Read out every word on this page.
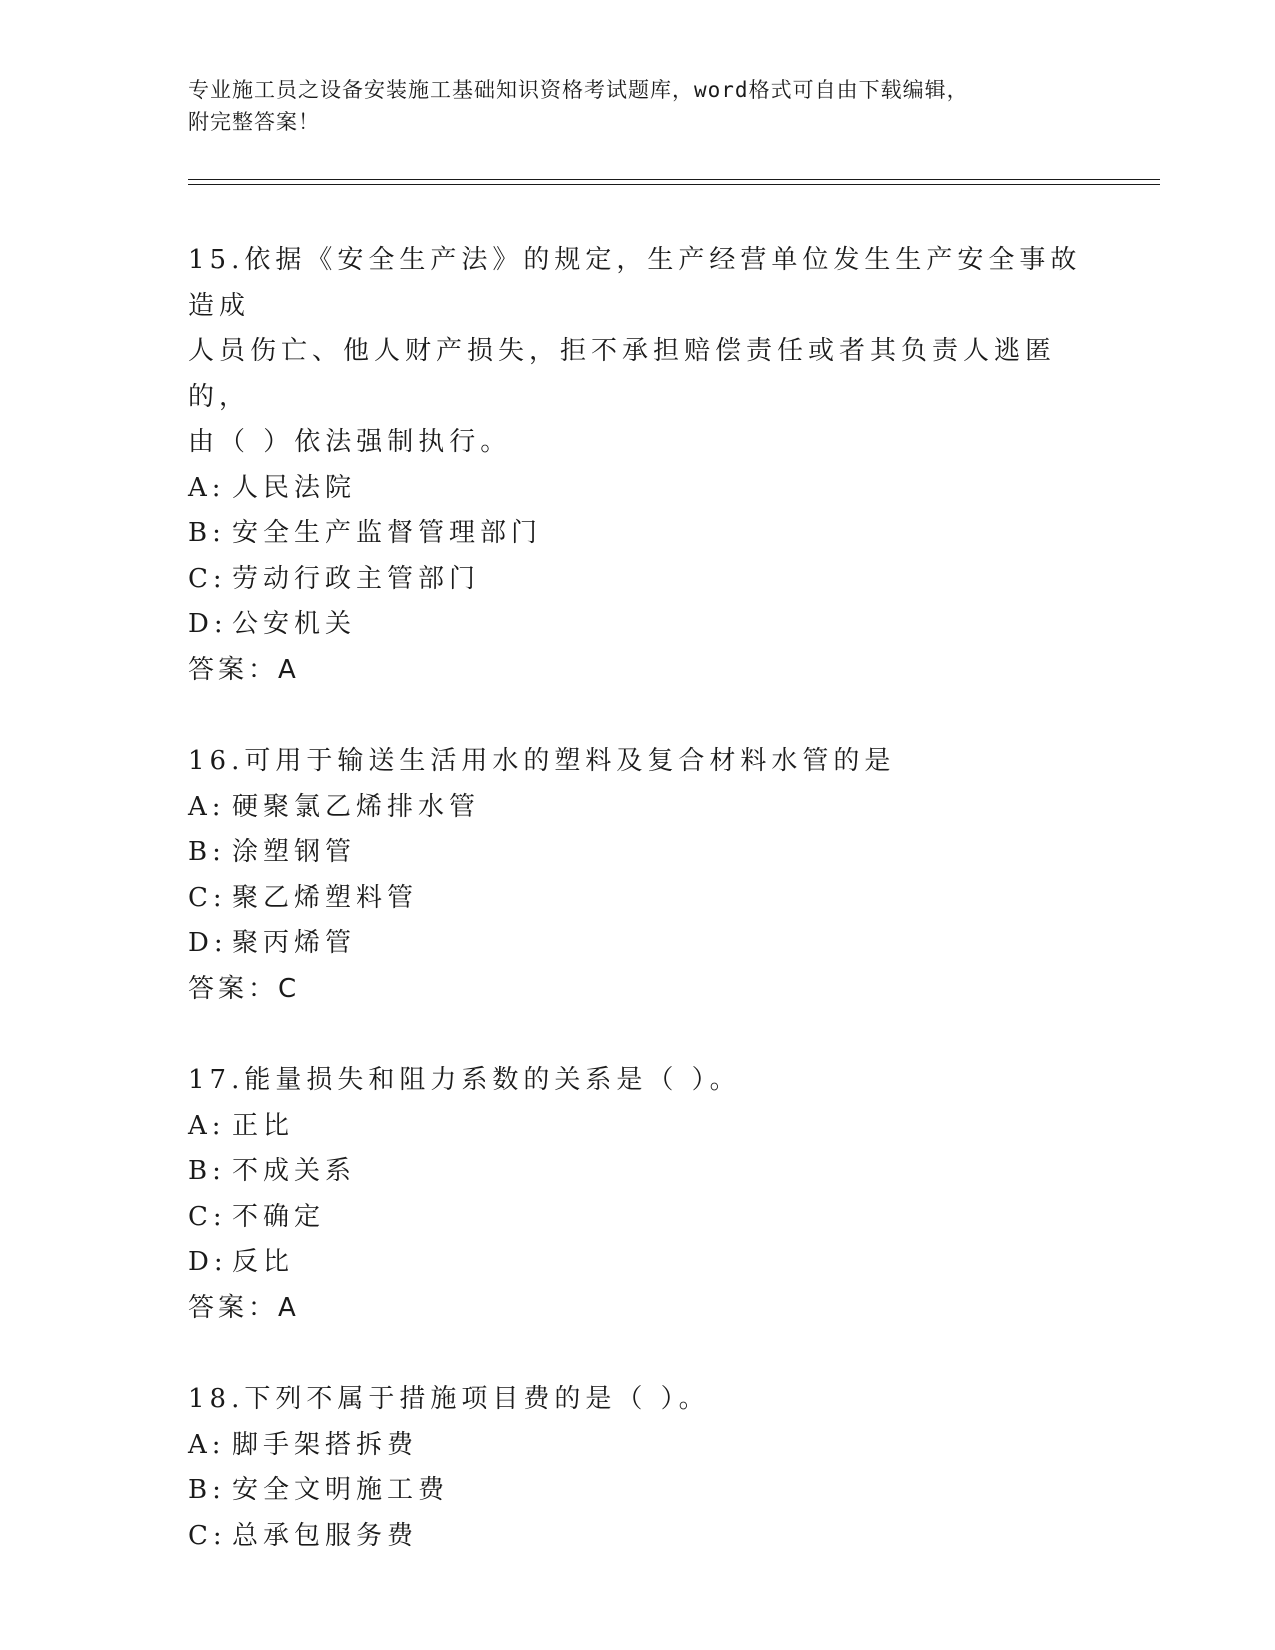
专业施工员之设备安装施工基础知识资格考试题库，word格式可自由下载编辑，
附完整答案！
15.依据《安全生产法》的规定，生产经营单位发生生产安全事故造成
人员伤亡、他人财产损失，拒不承担赔偿责任或者其负责人逃匿的，
由（ ）依法强制执行。
A: 人民法院
B: 安全生产监督管理部门
C: 劳动行政主管部门
D: 公安机关
答案：A
16.可用于输送生活用水的塑料及复合材料水管的是
A: 硬聚氯乙烯排水管
B: 涂塑钢管
C: 聚乙烯塑料管
D: 聚丙烯管
答案：C
17.能量损失和阻力系数的关系是（ ）。
A: 正比
B: 不成关系
C: 不确定
D: 反比
答案：A
18.下列不属于措施项目费的是（ ）。
A: 脚手架搭拆费
B: 安全文明施工费
C: 总承包服务费
